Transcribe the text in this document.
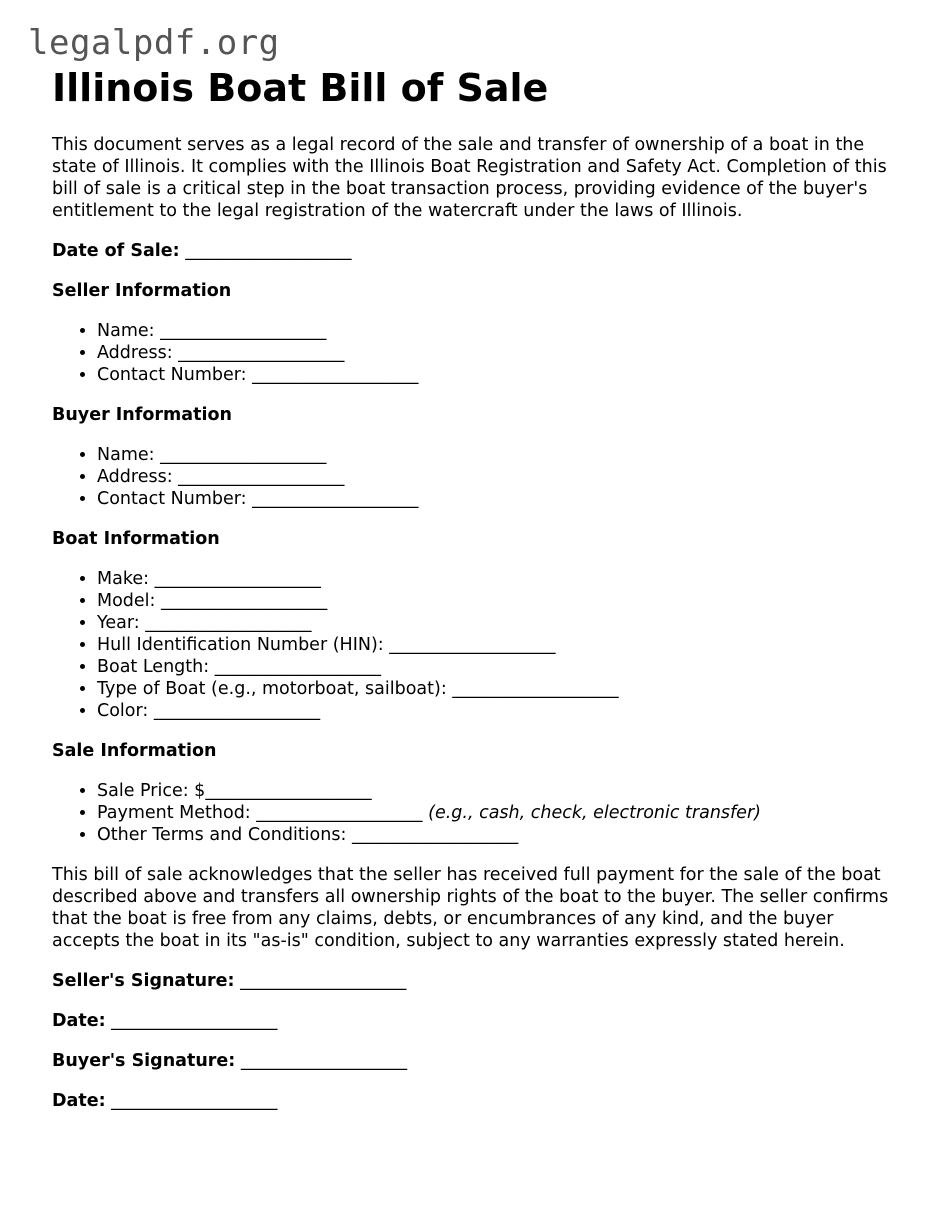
legalpdf.org
Illinois Boat Bill of Sale

This document serves as a legal record of the sale and transfer of ownership of a boat in the state of Illinois. It complies with the Illinois Boat Registration and Safety Act. Completion of this bill of sale is a critical step in the boat transaction process, providing evidence of the buyer's entitlement to the legal registration of the watercraft under the laws of Illinois.

Date of Sale: ___________________

Seller Information

• Name: ___________________
• Address: ___________________
• Contact Number: ___________________

Buyer Information

• Name: ___________________
• Address: ___________________
• Contact Number: ___________________

Boat Information

• Make: ___________________
• Model: ___________________
• Year: ___________________
• Hull Identification Number (HIN): ___________________
• Boat Length: ___________________
• Type of Boat (e.g., motorboat, sailboat): ___________________
• Color: ___________________

Sale Information

• Sale Price: $___________________
• Payment Method: ___________________ (e.g., cash, check, electronic transfer)
• Other Terms and Conditions: ___________________

This bill of sale acknowledges that the seller has received full payment for the sale of the boat described above and transfers all ownership rights of the boat to the buyer. The seller confirms that the boat is free from any claims, debts, or encumbrances of any kind, and the buyer accepts the boat in its "as-is" condition, subject to any warranties expressly stated herein.

Seller's Signature: ___________________

Date: ___________________

Buyer's Signature: ___________________

Date: ___________________
